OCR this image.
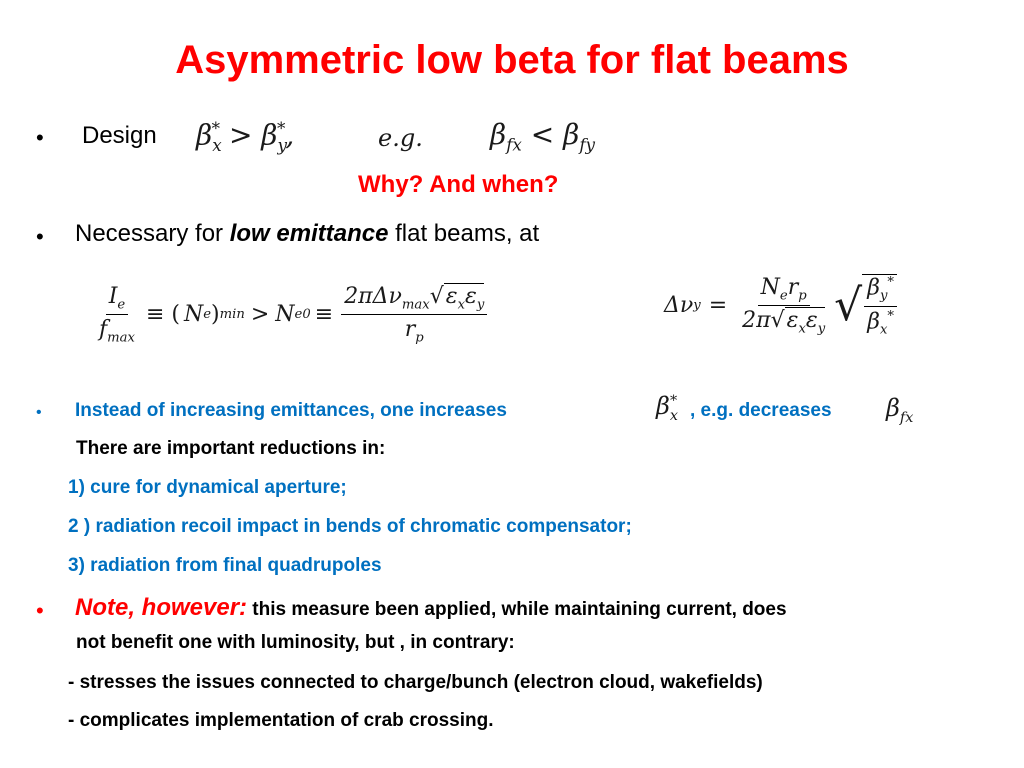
Asymmetric low beta for flat beams
• Design $\beta_x^* > \beta_y^*$,	e.g. $\beta_{fx} < \beta_{fy}$
Why? And when?
• Necessary for low emittance flat beams, at
$\frac{I_e}{f_{max}}$ ≡ ( N e ) min > N e $0 \equiv \frac{2\pi\Delta\nu_{max}√\varepsilon_x\varepsilon_y}{r_p}$	Δν $y = \frac{N_er_p}{2\pi√\varepsilon_x\varepsilon_y}$ √ $\frac{\beta_y^*}{\beta_x^*}$
• Instead of increasing emittances, one increases	$\beta_x^*$ , e.g. decreases $\beta_{fx}$
There are important reductions in:
1) cure for dynamical aperture;
2 ) radiation recoil impact in bends of chromatic compensator;
3) radiation from final quadrupoles
• Note, however: this measure been applied, while maintaining current, does
not benefit one with luminosity, but , in contrary:
- stresses the issues connected to charge/bunch (electron cloud, wakefields)
- complicates implementation of crab crossing.
